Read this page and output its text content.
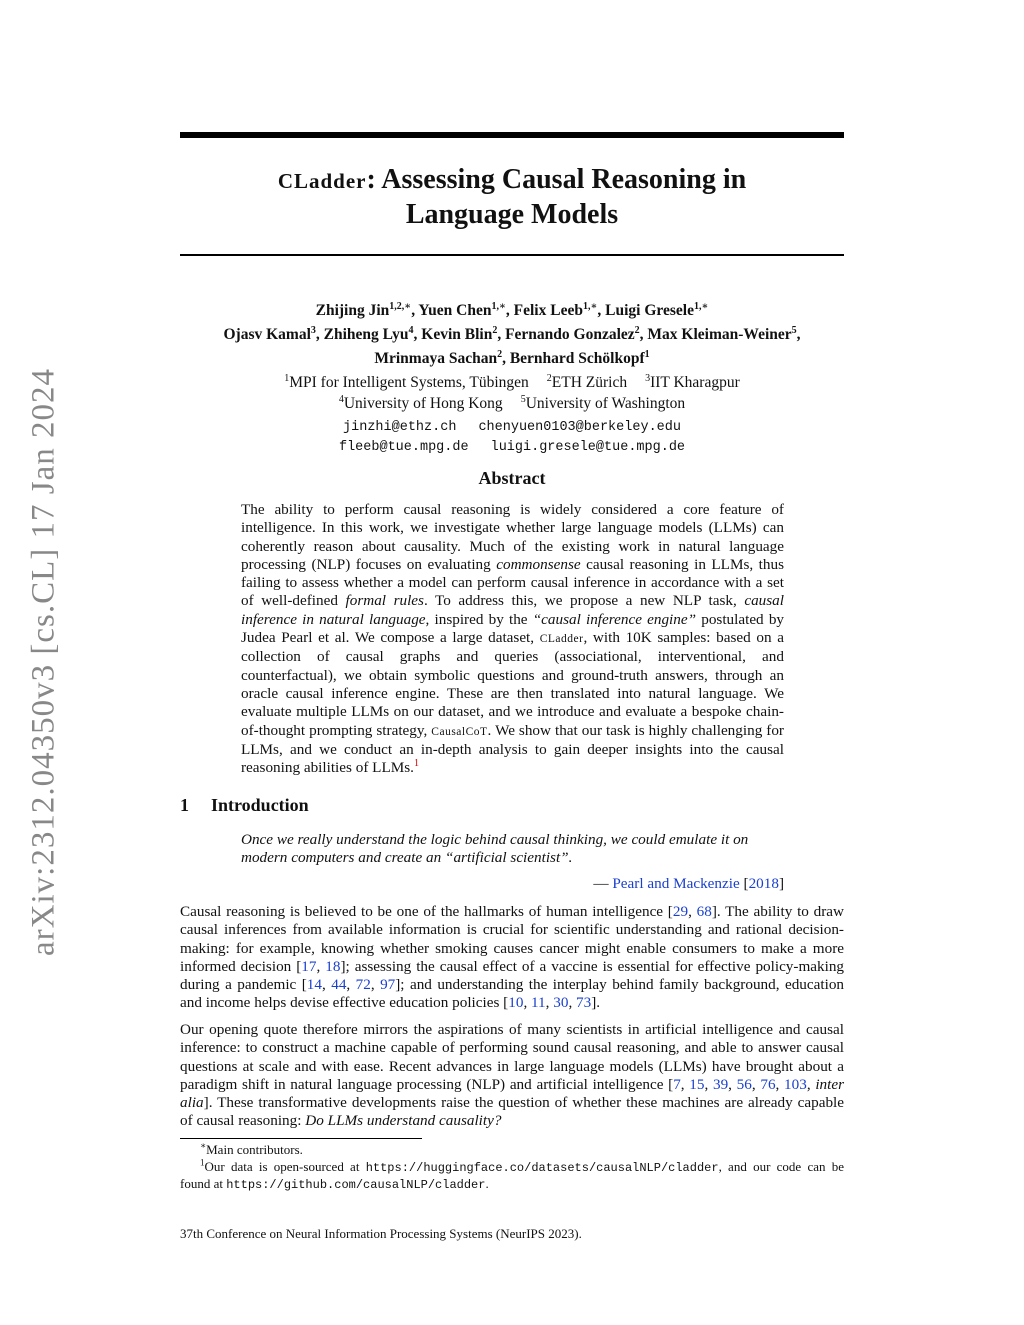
arXiv:2312.04350v3 [cs.CL] 17 Jan 2024
CLadder: Assessing Causal Reasoning in
Language Models
Zhijing Jin$^{1,2,∗}$, Yuen Chen$^{1,∗}$, Felix Leeb$^{1,∗}$, Luigi Gresele$^{1,∗}$
Ojasv Kamal$^3$, Zhiheng Lyu$^4$, Kevin Blin$^2$, Fernando Gonzalez$^2$, Max Kleiman-Weiner$^5$,
Mrinmaya Sachan$^2$, Bernhard Schölkopf$^1$
$^1$MPI for Intelligent Systems, Tübingen $^2$ETH Zürich $^3$IIT Kharagpur
$^4$University of Hong Kong $^5$University of Washington
jinzhi@ethz.ch chenyuen0103@berkeley.edu
fleeb@tue.mpg.de luigi.gresele@tue.mpg.de
Abstract

The ability to perform causal reasoning is widely considered a core feature of intelligence. In this work, we investigate whether large language models (LLMs) can coherently reason about causality. Much of the existing work in natural language processing (NLP) focuses on evaluating commonsense causal reasoning in LLMs, thus failing to assess whether a model can perform causal inference in accordance with a set of well-defined formal rules. To address this, we propose a new NLP task, causal inference in natural language, inspired by the “causal inference engine” postulated by Judea Pearl et al. We compose a large dataset, CLadder, with 10K samples: based on a collection of causal graphs and queries (associational, interventional, and counterfactual), we obtain symbolic questions and ground-truth answers, through an oracle causal inference engine. These are then translated into natural language. We evaluate multiple LLMs on our dataset, and we introduce and evaluate a bespoke chain-of-thought prompting strategy, CausalCoT. We show that our task is highly challenging for LLMs, and we conduct an in-depth analysis to gain deeper insights into the causal reasoning abilities of LLMs.$^1$

1 Introduction

Once we really understand the logic behind causal thinking, we could emulate it on modern computers and create an “artificial scientist”.

— Pearl and Mackenzie [2018]

Causal reasoning is believed to be one of the hallmarks of human intelligence [29, 68]. The ability to draw causal inferences from available information is crucial for scientific understanding and rational decision-making: for example, knowing whether smoking causes cancer might enable consumers to make a more informed decision [17, 18]; assessing the causal effect of a vaccine is essential for effective policy-making during a pandemic [14, 44, 72, 97]; and understanding the interplay behind family background, education and income helps devise effective education policies [10, 11, 30, 73].

Our opening quote therefore mirrors the aspirations of many scientists in artificial intelligence and causal inference: to construct a machine capable of performing sound causal reasoning, and able to answer causal questions at scale and with ease. Recent advances in large language models (LLMs) have brought about a paradigm shift in natural language processing (NLP) and artificial intelligence [7, 15, 39, 56, 76, 103, inter alia]. These transformative developments raise the question of whether these machines are already capable of causal reasoning: Do LLMs understand causality?

∗Main contributors.

$^1$Our data is open-sourced at https://huggingface.co/datasets/causalNLP/cladder, and our code can be found at https://github.com/causalNLP/cladder.

37th Conference on Neural Information Processing Systems (NeurIPS 2023).
